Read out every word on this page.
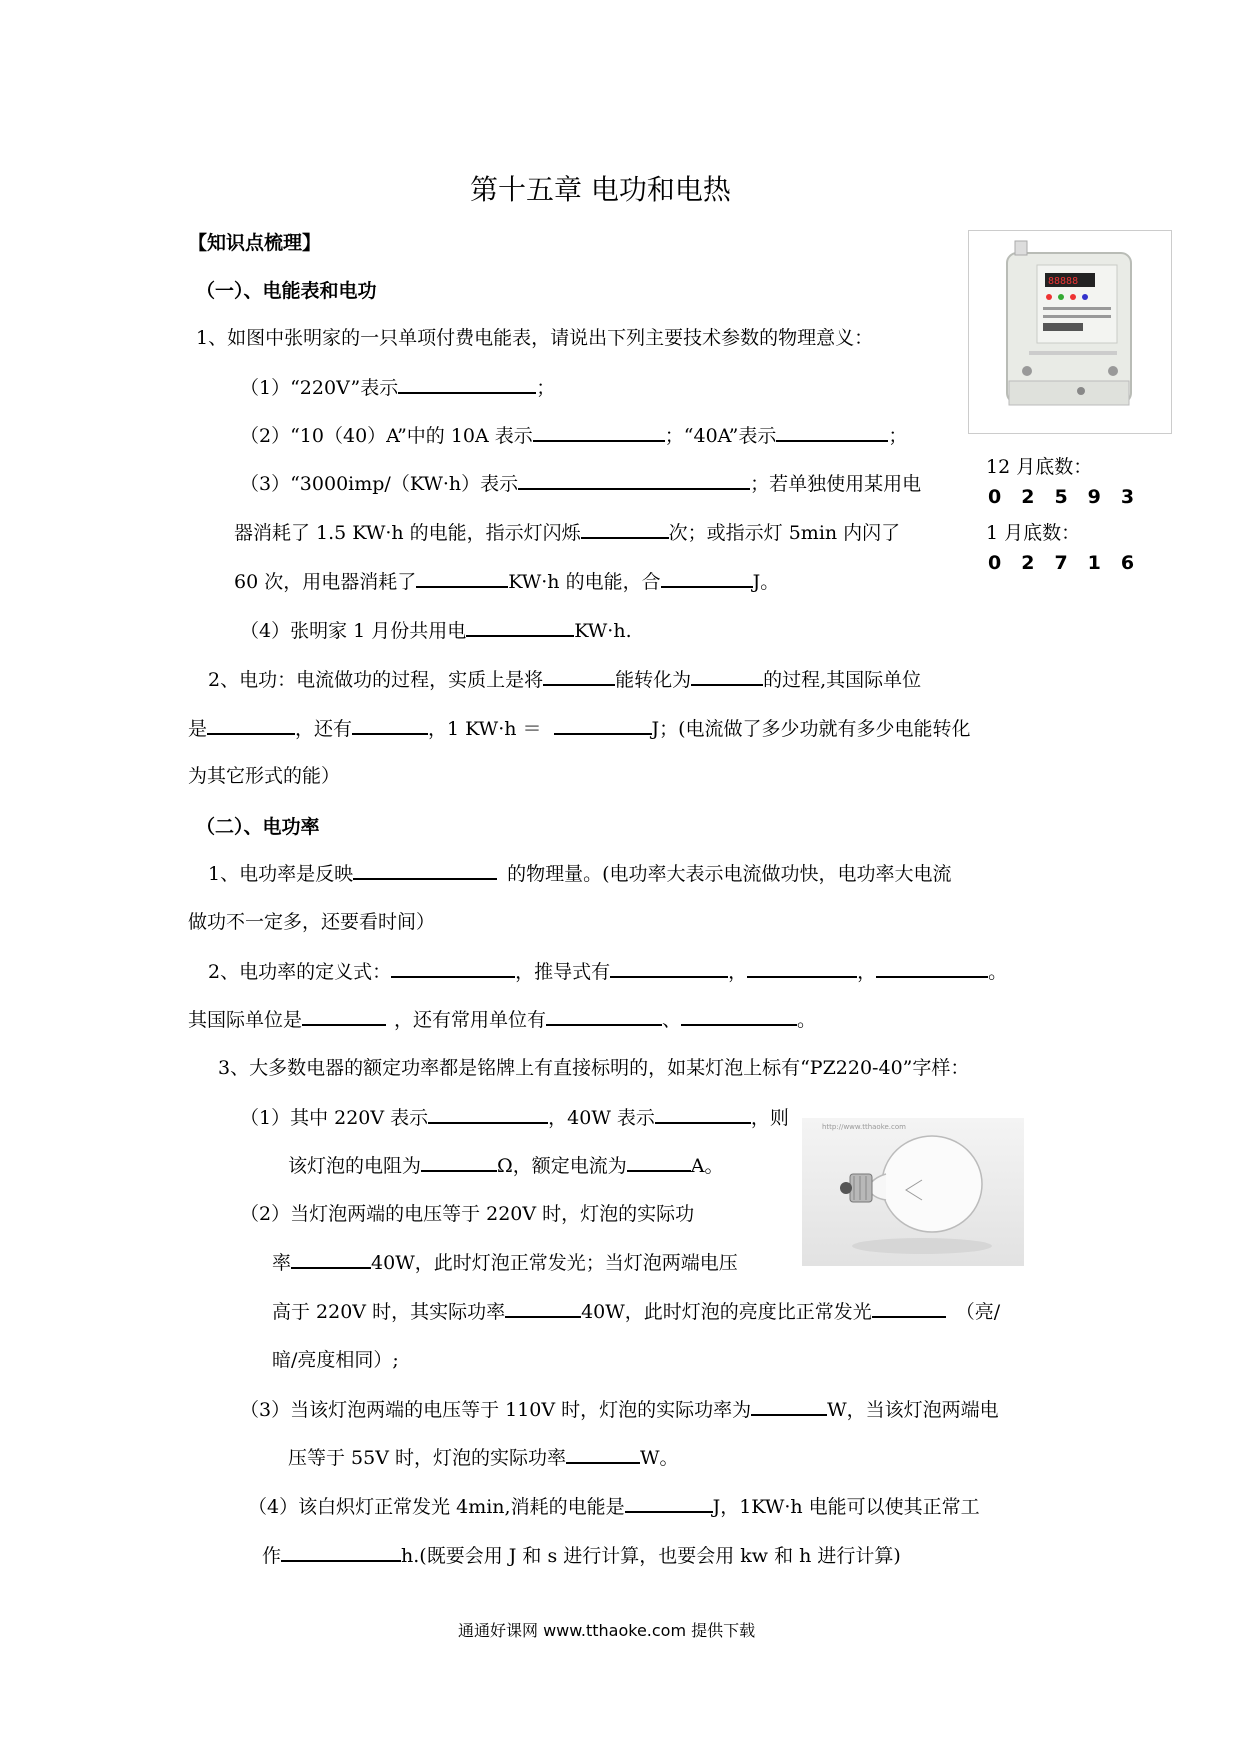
第十五章 电功和电热
【知识点梳理】
88888
12 月底数：
02593
1 月底数：
02716
（一）、电能表和电功
1、如图中张明家的一只单项付费电能表，请说出下列主要技术参数的物理意义：
（1）“220V”表示	；
（2）“10（40）A”中的 10A 表示	；“40A”表示	；
（3）“3000imp/（KW·h）表示	；若单独使用某用电
器消耗了 1.5 KW·h 的电能，指示灯闪烁	次；或指示灯 5min 内闪了
60 次，用电器消耗了	KW·h 的电能，合	J。
（4）张明家 1 月份共用电	KW·h.
2、电功：电流做功的过程，实质上是将	能转化为	的过程,其国际单位
是	，还有	，1 KW·h ＝	J；(电流做了多少功就有多少电能转化
为其它形式的能）
（二）、电功率
1、电功率是反映	的物理量。(电功率大表示电流做功快，电功率大电流
做功不一定多，还要看时间）
2、电功率的定义式：	，推导式有	，	，	。
其国际单位是	，还有常用单位有	、	。
3、大多数电器的额定功率都是铭牌上有直接标明的，如某灯泡上标有“PZ220-40”字样：
（1）其中 220V 表示	，40W 表示	，则
该灯泡的电阻为	Ω，额定电流为	A。
http://www.tthaoke.com
（2）当灯泡两端的电压等于 220V 时，灯泡的实际功
率	40W，此时灯泡正常发光；当灯泡两端电压
高于 220V 时，其实际功率	40W，此时灯泡的亮度比正常发光	（亮/
暗/亮度相同）;
（3）当该灯泡两端的电压等于 110V 时，灯泡的实际功率为	W，当该灯泡两端电
压等于 55V 时，灯泡的实际功率	W。
（4）该白炽灯正常发光 4min,消耗的电能是	J，1KW·h 电能可以使其正常工
作	h.(既要会用 J 和 s 进行计算，也要会用 kw 和 h 进行计算)
通通好课网 www.tthaoke.com 提供下载
